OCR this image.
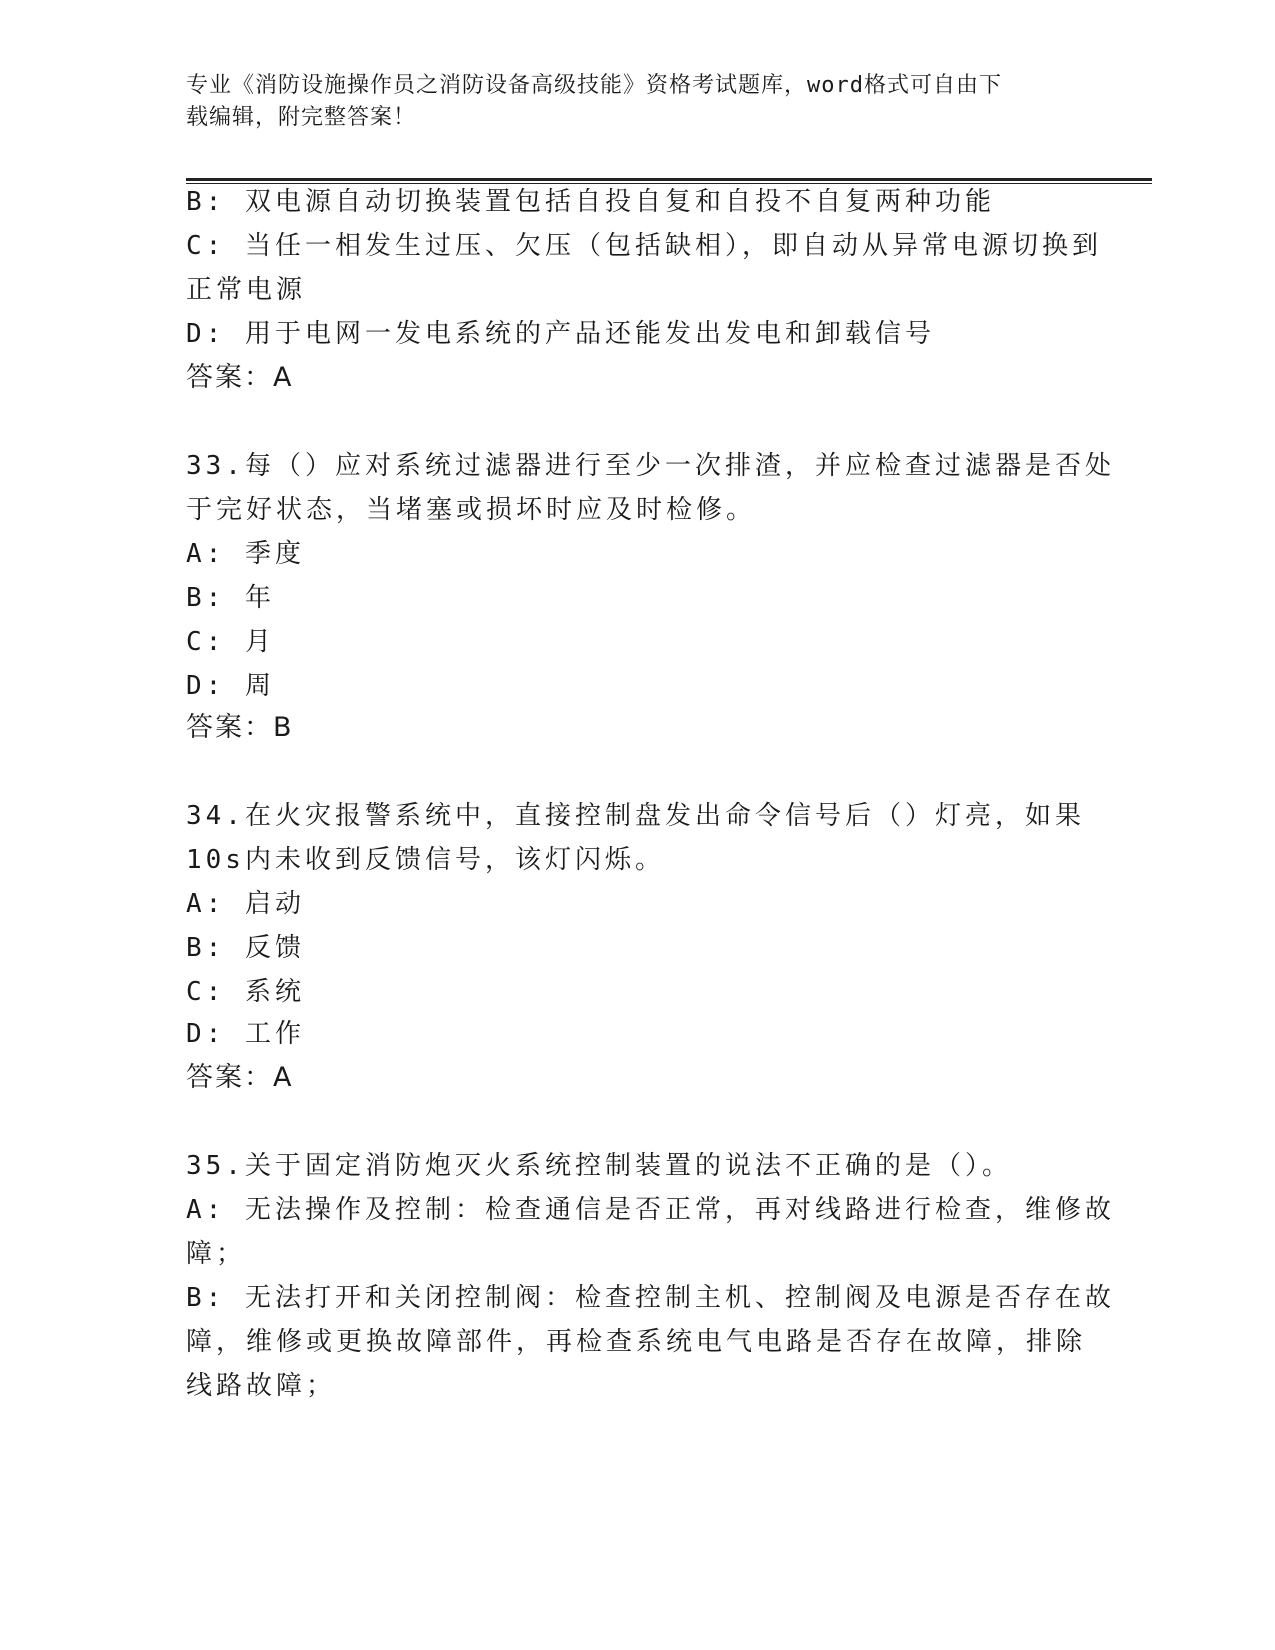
专业《消防设施操作员之消防设备高级技能》资格考试题库，word格式可自由下
载编辑，附完整答案！
B: 双电源自动切换装置包括自投自复和自投不自复两种功能
C: 当任一相发生过压、欠压（包括缺相），即自动从异常电源切换到
正常电源
D: 用于电网一发电系统的产品还能发出发电和卸载信号
答案：A
33.每（）应对系统过滤器进行至少一次排渣，并应检查过滤器是否处
于完好状态，当堵塞或损坏时应及时检修。
A: 季度
B: 年
C: 月
D: 周
答案：B
34.在火灾报警系统中，直接控制盘发出命令信号后（）灯亮，如果
10s内未收到反馈信号，该灯闪烁。
A: 启动
B: 反馈
C: 系统
D: 工作
答案：A
35.关于固定消防炮灭火系统控制装置的说法不正确的是（）。
A: 无法操作及控制：检查通信是否正常，再对线路进行检查，维修故
障；
B: 无法打开和关闭控制阀：检查控制主机、控制阀及电源是否存在故
障，维修或更换故障部件，再检查系统电气电路是否存在故障，排除
线路故障；
